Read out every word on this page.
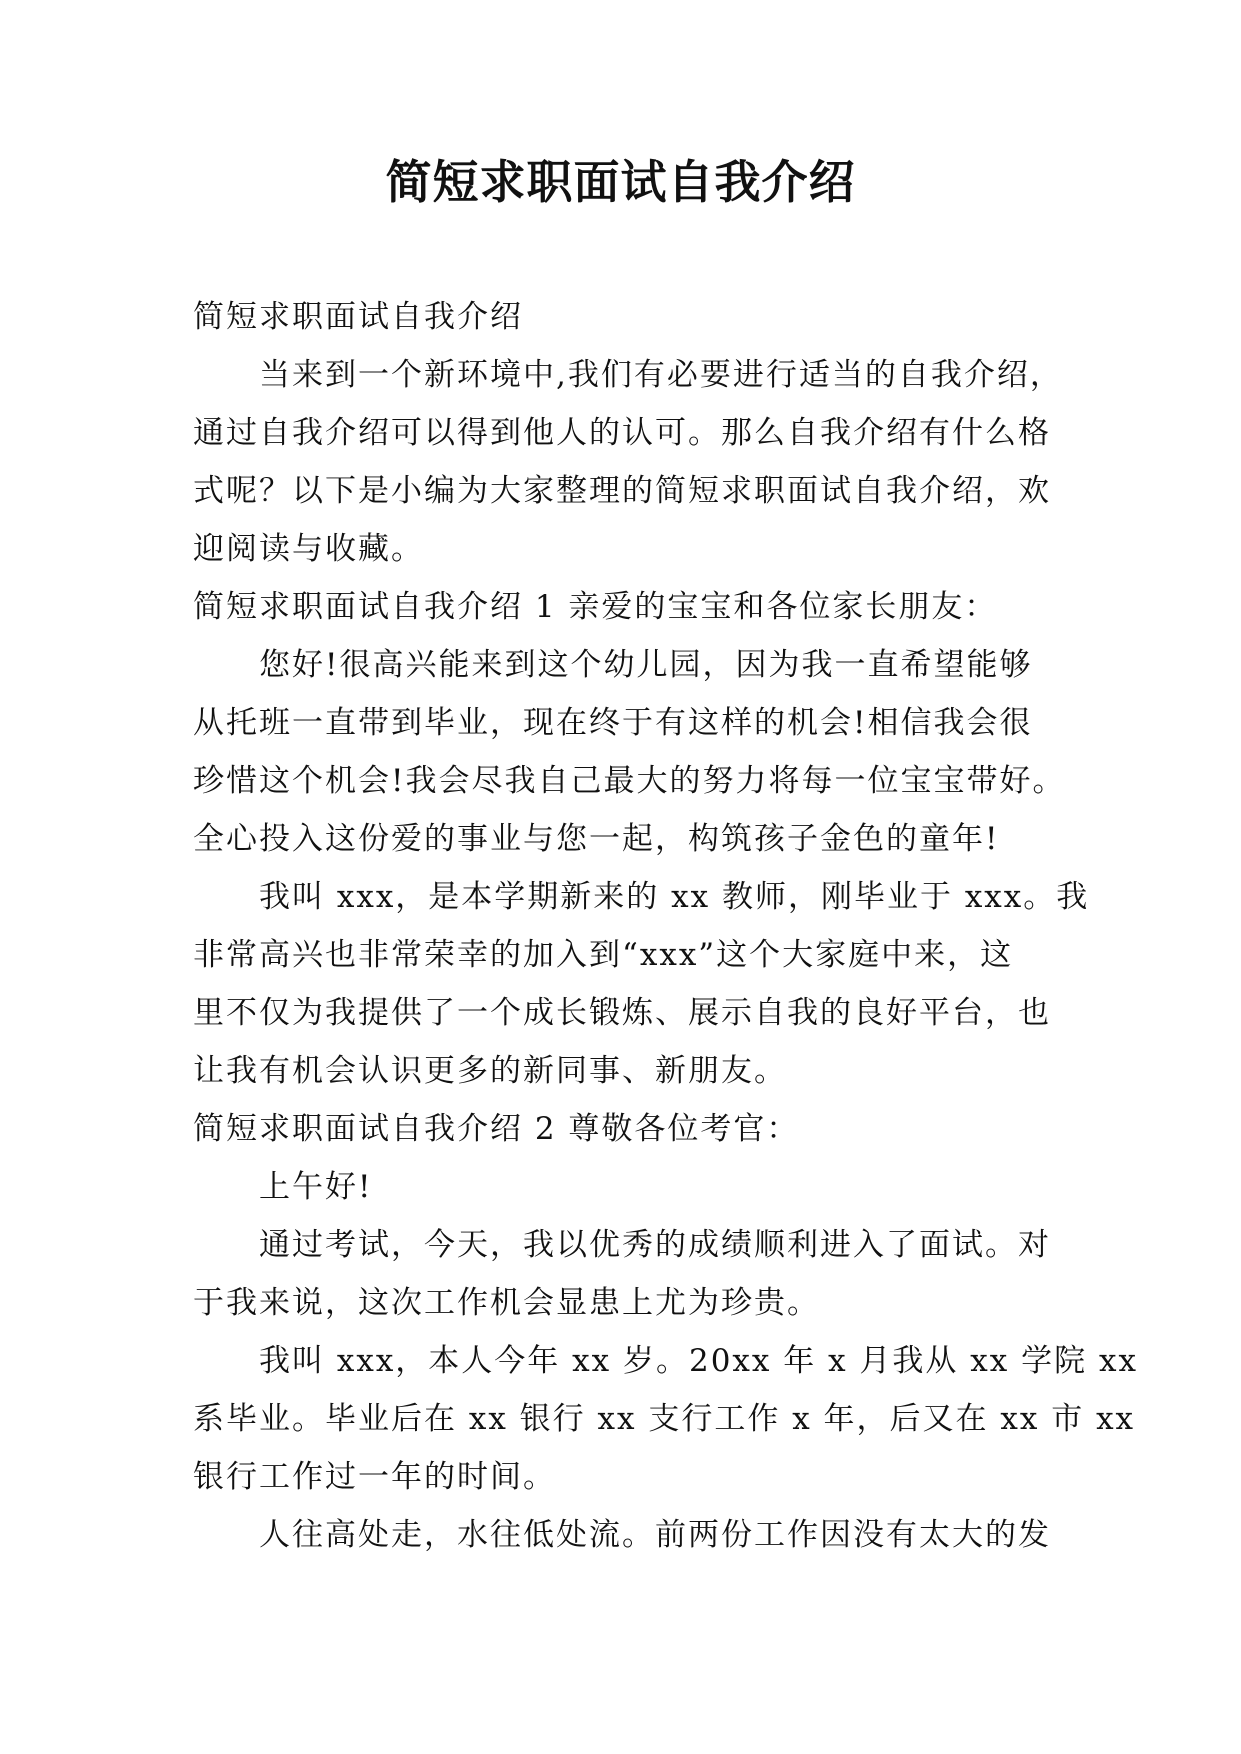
简短求职面试自我介绍

简短求职面试自我介绍

当来到一个新环境中,我们有必要进行适当的自我介绍，

通过自我介绍可以得到他人的认可。那么自我介绍有什么格

式呢？以下是小编为大家整理的简短求职面试自我介绍，欢

迎阅读与收藏。

简短求职面试自我介绍 1 亲爱的宝宝和各位家长朋友：

您好!很高兴能来到这个幼儿园，因为我一直希望能够

从托班一直带到毕业，现在终于有这样的机会!相信我会很

珍惜这个机会!我会尽我自己最大的努力将每一位宝宝带好。

全心投入这份爱的事业与您一起，构筑孩子金色的童年!

我叫 xxx，是本学期新来的 xx 教师，刚毕业于 xxx。我

非常高兴也非常荣幸的加入到“xxx”这个大家庭中来，这

里不仅为我提供了一个成长锻炼、展示自我的良好平台，也

让我有机会认识更多的新同事、新朋友。

简短求职面试自我介绍 2 尊敬各位考官：

上午好!

通过考试，今天，我以优秀的成绩顺利进入了面试。对

于我来说，这次工作机会显患上尤为珍贵。

我叫 xxx，本人今年 xx 岁。20xx 年 x 月我从 xx 学院 xx

系毕业。毕业后在 xx 银行 xx 支行工作 x 年，后又在 xx 市 xx

银行工作过一年的时间。

人往高处走，水往低处流。前两份工作因没有太大的发
